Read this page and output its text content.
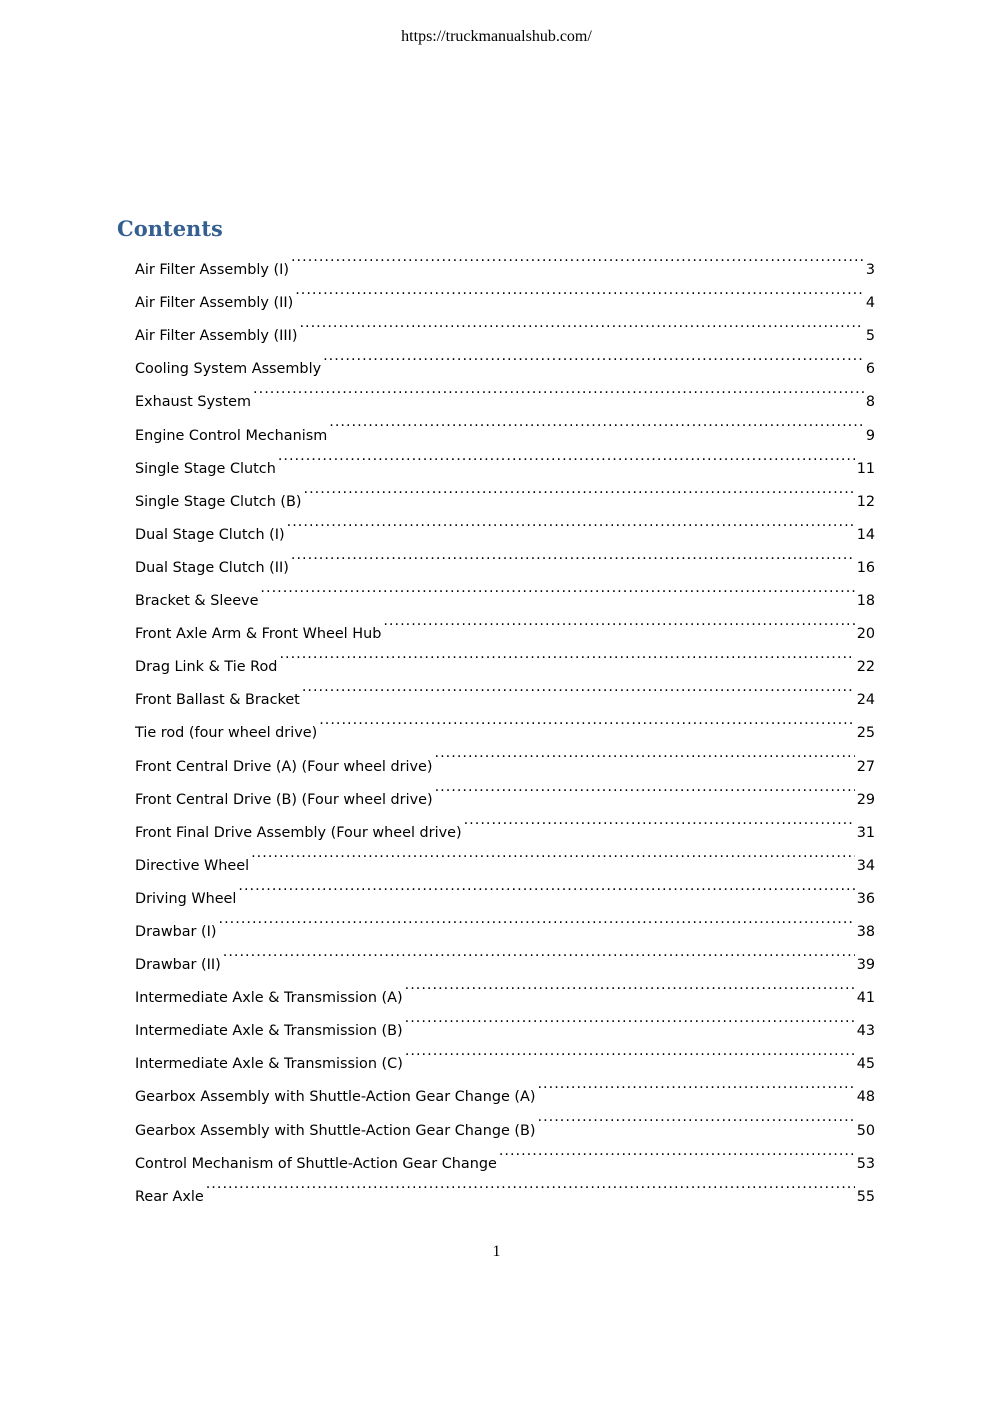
https://truckmanualshub.com/
Contents
Air Filter Assembly (I) .....	3
Air Filter Assembly (II) .....	4
Air Filter Assembly (III) .....	5
Cooling System Assembly .....	6
Exhaust System .....	8
Engine Control Mechanism .....	9
Single Stage Clutch .....	11
Single Stage Clutch (B) .....	12
Dual Stage Clutch (I) .....	14
Dual Stage Clutch (II) .....	16
Bracket & Sleeve .....	18
Front Axle Arm & Front Wheel Hub .....	20
Drag Link & Tie Rod .....	22
Front Ballast & Bracket .....	24
Tie rod (four wheel drive) .....	25
Front Central Drive (A) (Four wheel drive) .....	27
Front Central Drive (B) (Four wheel drive) .....	29
Front Final Drive Assembly (Four wheel drive) .....	31
Directive Wheel .....	34
Driving Wheel .....	36
Drawbar (I) .....	38
Drawbar (II) .....	39
Intermediate Axle & Transmission (A) .....	41
Intermediate Axle & Transmission (B) .....	43
Intermediate Axle & Transmission (C) .....	45
Gearbox Assembly with Shuttle-Action Gear Change (A) .....	48
Gearbox Assembly with Shuttle-Action Gear Change (B) .....	50
Control Mechanism of Shuttle-Action Gear Change .....	53
Rear Axle .....	55
1
